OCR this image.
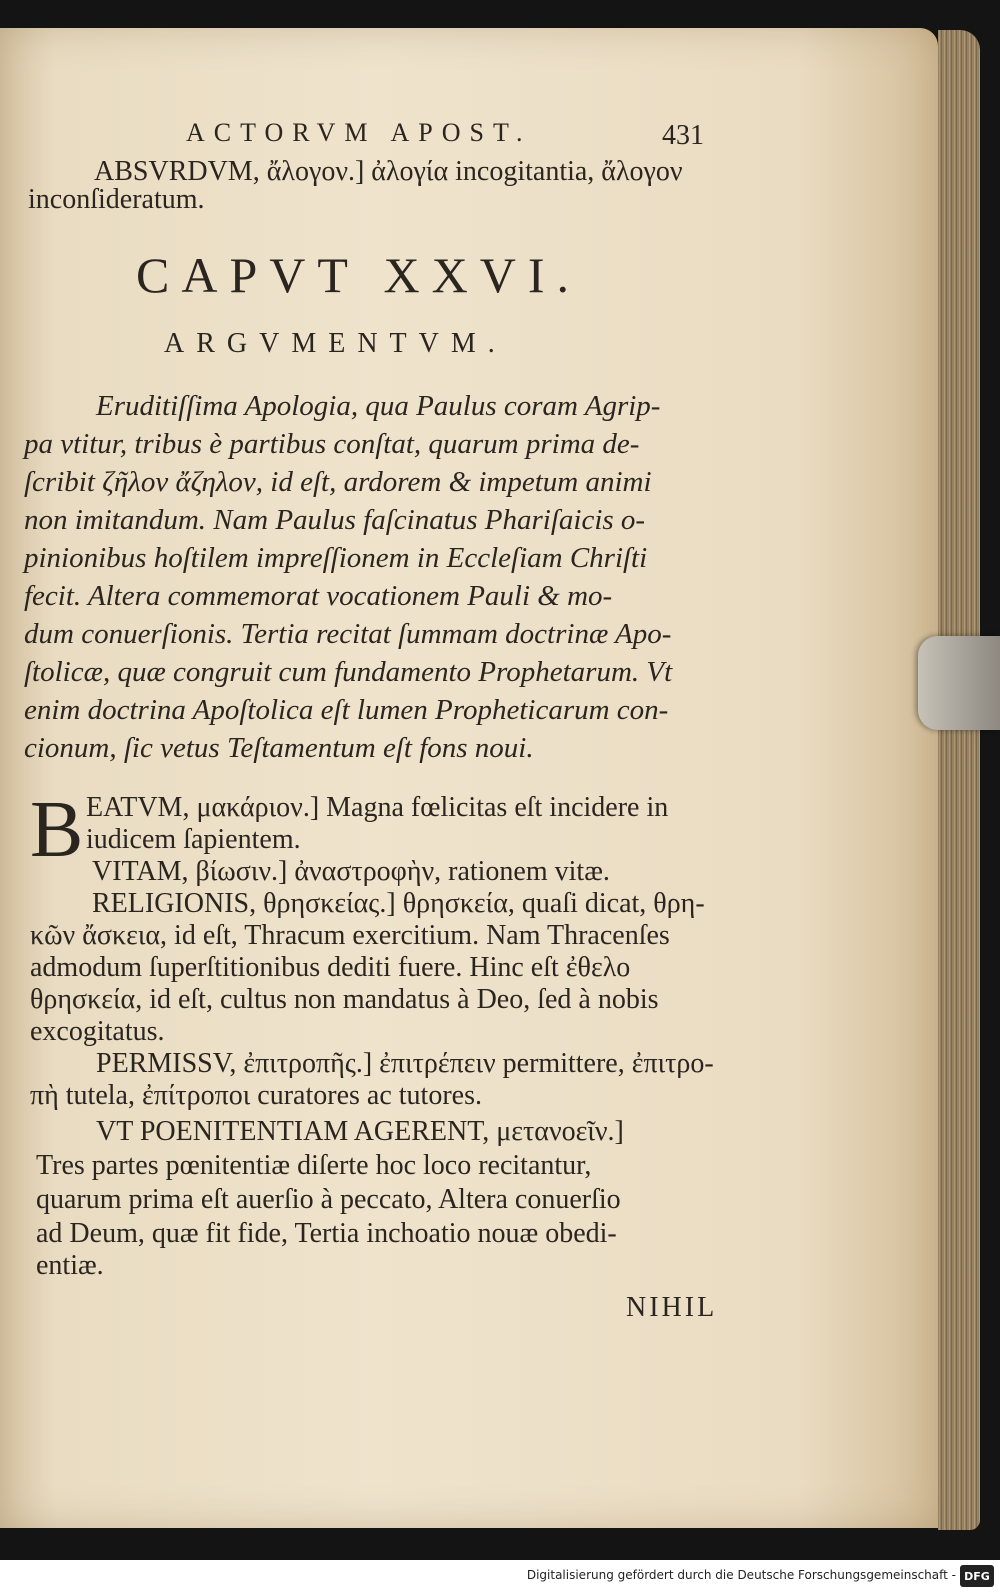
ACTORVM APOST.	431
ABSVRDVM, ἄλογον.] ἀλογία incogitantia, ἄλογον
inconſideratum.
CAPVT XXVI.
ARGVMENTVM.
Eruditiſſima Apologia, qua Paulus coram Agrip-
pa vtitur, tribus è partibus conſtat, quarum prima de-
ſcribit ζῆλον ἄζηλον, id eſt, ardorem & impetum animi
non imitandum. Nam Paulus faſcinatus Phariſaicis o-
pinionibus hoſtilem impreſſionem in Eccleſiam Chriſti
fecit. Altera commemorat vocationem Pauli & mo-
dum conuerſionis. Tertia recitat ſummam doctrinæ Apo-
ſtolicæ, quæ congruit cum fundamento Prophetarum. Vt
enim doctrina Apoſtolica eſt lumen Propheticarum con-
cionum, ſic vetus Teſtamentum eſt fons noui.
B EATVM, μακάριον.] Magna fœlicitas eſt incidere in
iudicem ſapientem.
VITAM, βίωσιν.] ἀναστροφὴν, rationem vitæ.
RELIGIONIS, θρησκείας.] θρησκεία, quaſi dicat, θρη-
κῶν ἄσκεια, id eſt, Thracum exercitium. Nam Thracenſes
admodum ſuperſtitionibus dediti fuere. Hinc eſt ἐθελο
θρησκεία, id eſt, cultus non mandatus à Deo, ſed à nobis
excogitatus.
PERMISSV, ἐπιτροπῆς.] ἐπιτρέπειν permittere, ἐπιτρο-
πὴ tutela, ἐπίτροποι curatores ac tutores.
VT POENITENTIAM AGERENT, μετανοεῖν.]
Tres partes pœnitentiæ diſerte hoc loco recitantur,
quarum prima eſt auerſio à peccato, Altera conuerſio
ad Deum, quæ fit fide, Tertia inchoatio nouæ obedi-
entiæ.
NIHIL
Digitalisierung gefördert durch die Deutsche Forschungsgemeinschaft - DFG
